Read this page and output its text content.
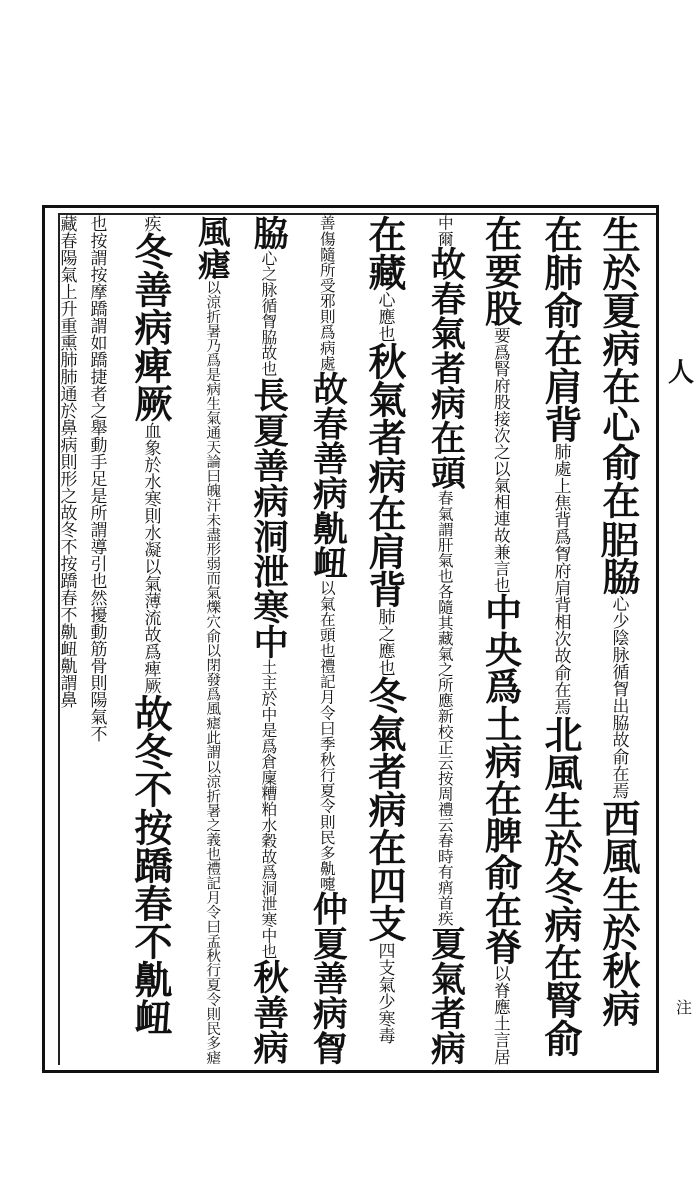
人
注
生於夏病在心俞在𦛗脇
心少陰脉循胷出脇故俞在焉
西風生於秋病
在肺俞在肩背
肺處上焦背爲胷府肩背相次故俞在焉
北風生於冬病在腎俞
在要股
要爲腎府股接次之以氣相連故兼言也
中央爲土病在脾俞在脊
以脊應土言居
中爾
故春氣者病在頭
春氣謂肝氣也各隨其藏氣之所應新校正云按周禮云春時有痟首疾
夏氣者病
在藏
心應也
秋氣者病在肩背
肺之應也
冬氣者病在四支
四支氣少寒毒
善傷隨所受邪則爲病處
故春善病鼽衄
以氣在頭也禮記月令曰季秋行夏令則民多鼽嚏
仲夏善病胷
脇
心之脉循胷脇故也
長夏善病洞泄寒中
土主於中是爲倉廩糟粕水穀故爲洞泄寒中也
秋善病
風瘧
以涼折暑乃爲是病生氣通天論曰魄汗未盡形弱而氣爍穴俞以閉發爲風瘧此謂以涼折暑之義也禮記月令曰孟秋行夏令則民多瘧
疾
冬善病痺厥
血象於水寒則水凝以氣薄流故爲痺厥
故冬不按蹻春不鼽衄
也
按謂按摩蹻謂如蹻捷者之舉動手足是所謂導引也然擾動筋骨則陽氣不
藏春陽氣上升重熏肺肺通於鼻病則形之故冬不按蹻春不鼽衄鼽謂鼻
